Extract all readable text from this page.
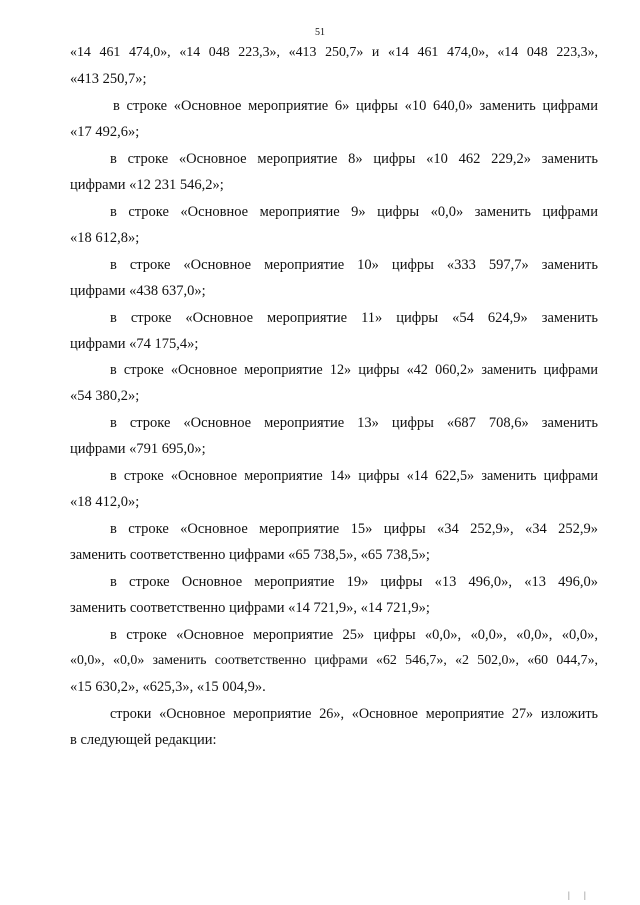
51
«14 461 474,0», «14 048 223,3», «413 250,7» и «14 461 474,0», «14 048 223,3»,
«413 250,7»;
в строке «Основное мероприятие 6» цифры «10 640,0» заменить цифрами
«17 492,6»;
в строке «Основное мероприятие 8» цифры «10 462 229,2» заменить
цифрами «12 231 546,2»;
в строке «Основное мероприятие 9» цифры «0,0» заменить цифрами
«18 612,8»;
в строке «Основное мероприятие 10» цифры «333 597,7» заменить
цифрами «438 637,0»;
в строке «Основное мероприятие 11» цифры «54 624,9» заменить
цифрами «74 175,4»;
в строке «Основное мероприятие 12» цифры «42 060,2» заменить цифрами
«54 380,2»;
в строке «Основное мероприятие 13» цифры «687 708,6» заменить
цифрами «791 695,0»;
в строке «Основное мероприятие 14» цифры «14 622,5» заменить цифрами
«18 412,0»;
в строке «Основное мероприятие 15» цифры «34 252,9», «34 252,9»
заменить соответственно цифрами «65 738,5», «65 738,5»;
в строке Основное мероприятие 19» цифры «13 496,0», «13 496,0»
заменить соответственно цифрами «14 721,9», «14 721,9»;
в строке «Основное мероприятие 25» цифры «0,0», «0,0», «0,0», «0,0»,
«0,0», «0,0» заменить соответственно цифрами «62 546,7», «2 502,0», «60 044,7»,
«15 630,2», «625,3», «15 004,9».
строки «Основное мероприятие 26», «Основное мероприятие 27» изложить
в следующей редакции:
| |
